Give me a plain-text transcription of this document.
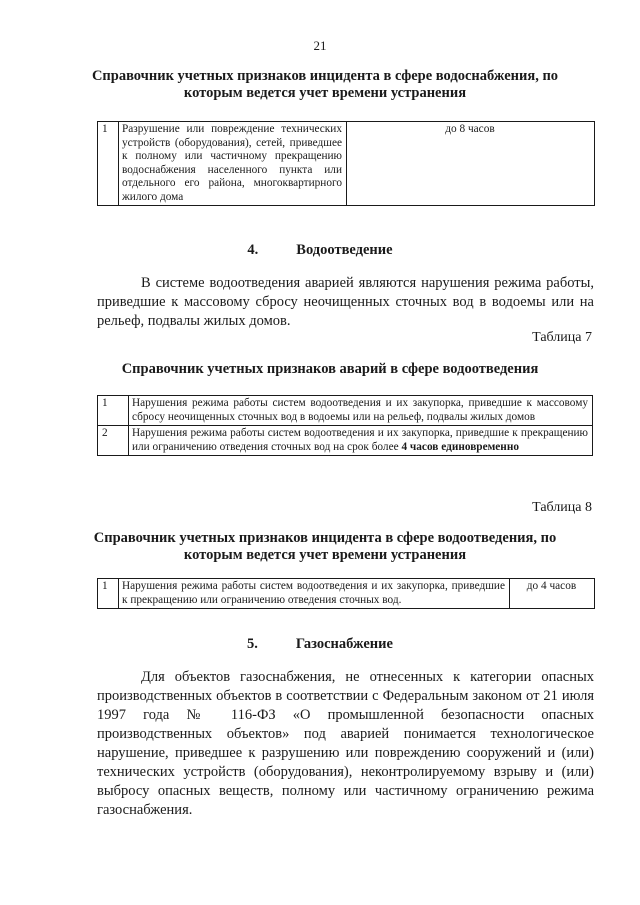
21
Справочник учетных признаков инцидента в сфере водоснабжения, по
которым ведется учет времени устранения
1	Разрушение или повреждение технических устройств (оборудования), сетей, приведшее к полному или частичному прекращению водоснабжения населенного пункта или отдельного его района, многоквартирного жилого дома	до 8 часов
4.	Водоотведение
В системе водоотведения аварией являются нарушения режима работы, приведшие к массовому сбросу неочищенных сточных вод в водоемы или на рельеф, подвалы жилых домов.
Таблица 7
Справочник учетных признаков аварий в сфере водоотведения
1	Нарушения режима работы систем водоотведения и их закупорка, приведшие к массовому сбросу неочищенных сточных вод в водоемы или на рельеф, подвалы жилых домов
2	Нарушения режима работы систем водоотведения и их закупорка, приведшие к прекращению или ограничению отведения сточных вод на срок более 4 часов единовременно
Таблица 8
Справочник учетных признаков инцидента в сфере водоотведения, по
которым ведется учет времени устранения
1	Нарушения режима работы систем водоотведения и их закупорка, приведшие к прекращению или ограничению отведения сточных вод.	до 4 часов
5.	Газоснабжение
Для объектов газоснабжения, не отнесенных к категории опасных производственных объектов в соответствии с Федеральным законом от 21 июля 1997 года № 116-ФЗ «О промышленной безопасности опасных производственных объектов» под аварией понимается технологическое нарушение, приведшее к разрушению или повреждению сооружений и (или) технических устройств (оборудования), неконтролируемому взрыву и (или) выбросу опасных веществ, полному или частичному ограничению режима газоснабжения.
